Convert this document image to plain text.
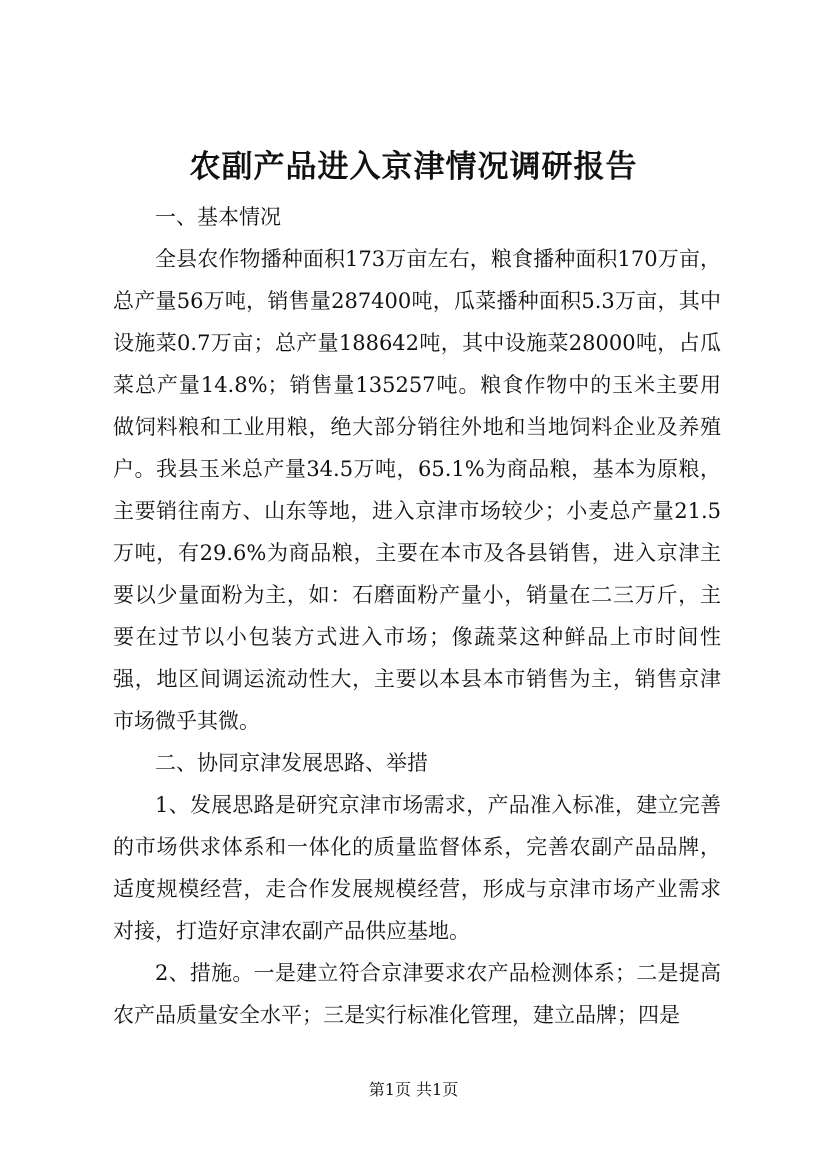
农副产品进入京津情况调研报告

一、基本情况

全县农作物播种面积173万亩左右，粮食播种面积170万亩，总产量56万吨，销售量287400吨，瓜菜播种面积5.3万亩，其中设施菜0.7万亩；总产量188642吨，其中设施菜28000吨，占瓜菜总产量14.8%；销售量135257吨。粮食作物中的玉米主要用做饲料粮和工业用粮，绝大部分销往外地和当地饲料企业及养殖户。我县玉米总产量34.5万吨，65.1%为商品粮，基本为原粮，主要销往南方、山东等地，进入京津市场较少；小麦总产量21.5万吨，有29.6%为商品粮，主要在本市及各县销售，进入京津主要以少量面粉为主，如：石磨面粉产量小，销量在二三万斤，主要在过节以小包装方式进入市场；像蔬菜这种鲜品上市时间性强，地区间调运流动性大，主要以本县本市销售为主，销售京津市场微乎其微。

二、协同京津发展思路、举措

1、发展思路是研究京津市场需求，产品准入标准，建立完善的市场供求体系和一体化的质量监督体系，完善农副产品品牌，适度规模经营，走合作发展规模经营，形成与京津市场产业需求对接，打造好京津农副产品供应基地。

2、措施。一是建立符合京津要求农产品检测体系；二是提高农产品质量安全水平；三是实行标准化管理，建立品牌；四是

第1页 共1页
